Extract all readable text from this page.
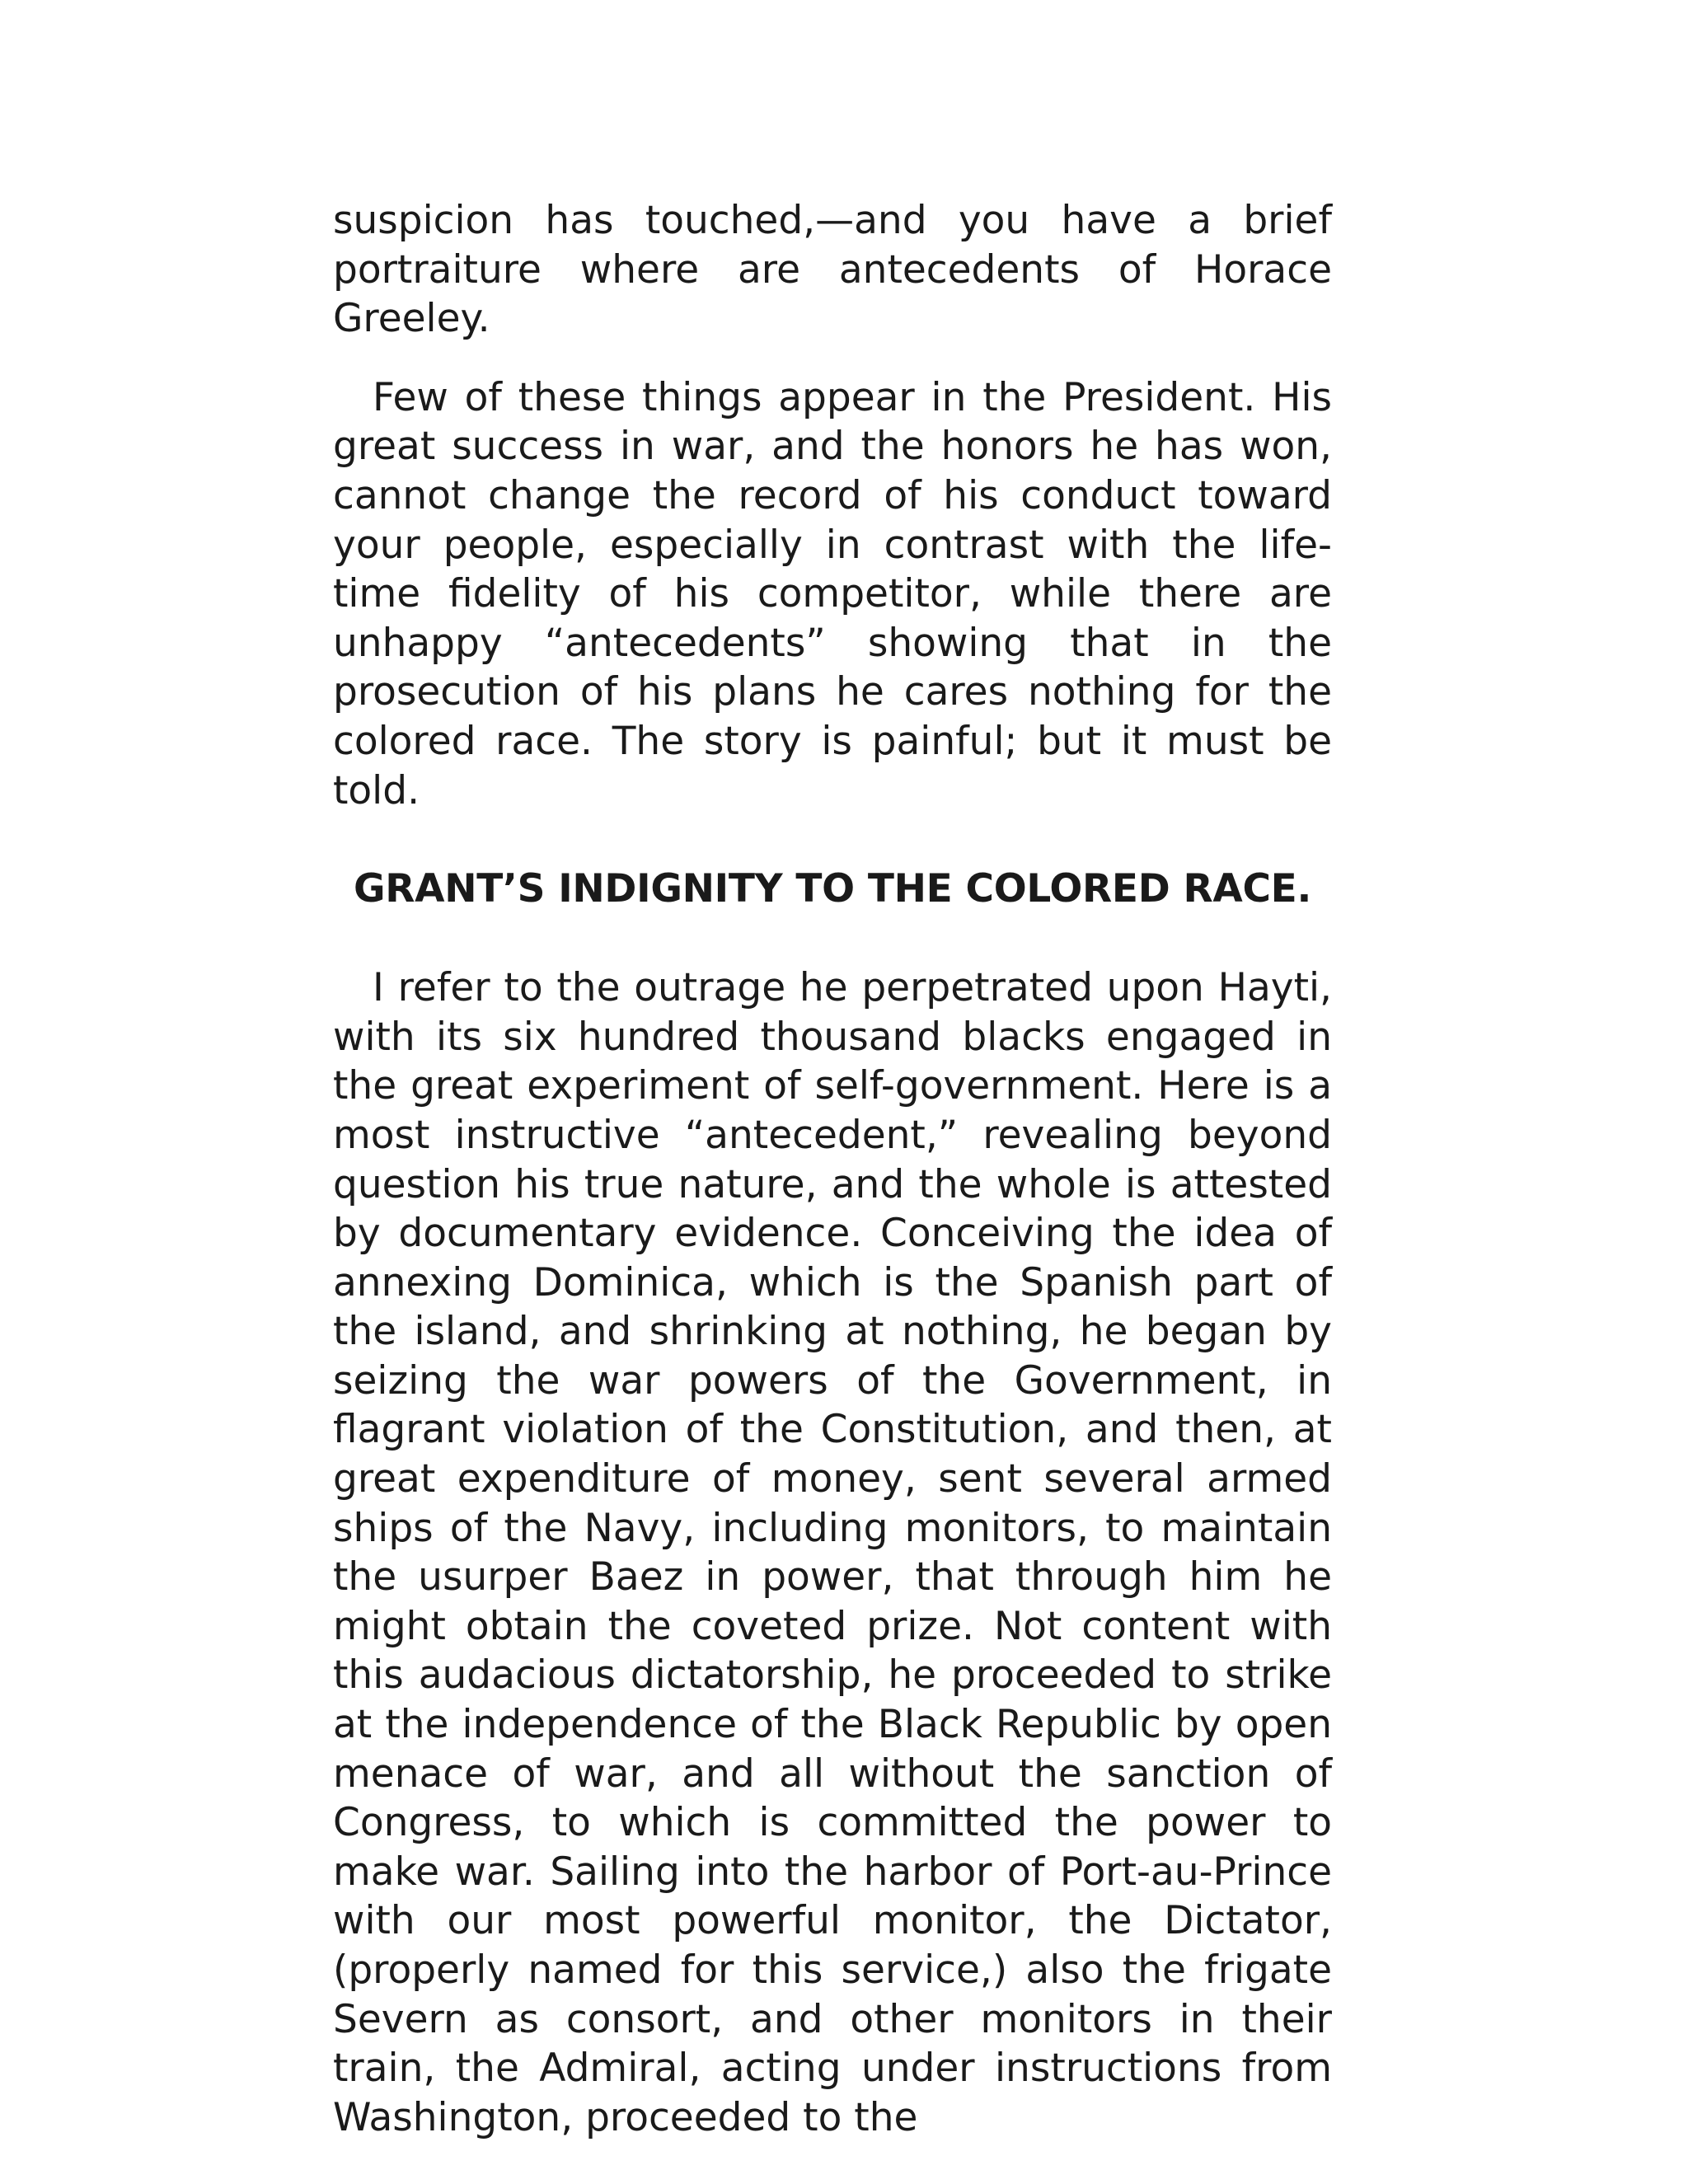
suspicion has touched,—and you have a brief portraiture where are antecedents of Horace Greeley.

Few of these things appear in the President. His great success in war, and the honors he has won, cannot change the record of his conduct toward your people, especially in contrast with the life-time fidelity of his competitor, while there are unhappy “antecedents” showing that in the prosecution of his plans he cares nothing for the colored race. The story is painful; but it must be told.

GRANT’S INDIGNITY TO THE COLORED RACE.

I refer to the outrage he perpetrated upon Hayti, with its six hundred thousand blacks engaged in the great experiment of self-government. Here is a most instructive “antecedent,” revealing beyond question his true nature, and the whole is attested by documentary evidence. Conceiving the idea of annexing Dominica, which is the Spanish part of the island, and shrinking at nothing, he began by seizing the war powers of the Government, in flagrant violation of the Constitution, and then, at great expenditure of money, sent several armed ships of the Navy, including monitors, to maintain the usurper Baez in power, that through him he might obtain the coveted prize. Not content with this audacious dictatorship, he proceeded to strike at the independence of the Black Republic by open menace of war, and all without the sanction of Congress, to which is committed the power to make war. Sailing into the harbor of Port-au-Prince with our most powerful monitor, the Dictator, (properly named for this service,) also the frigate Severn as consort, and other monitors in their train, the Admiral, acting under instructions from Washington, proceeded to the
